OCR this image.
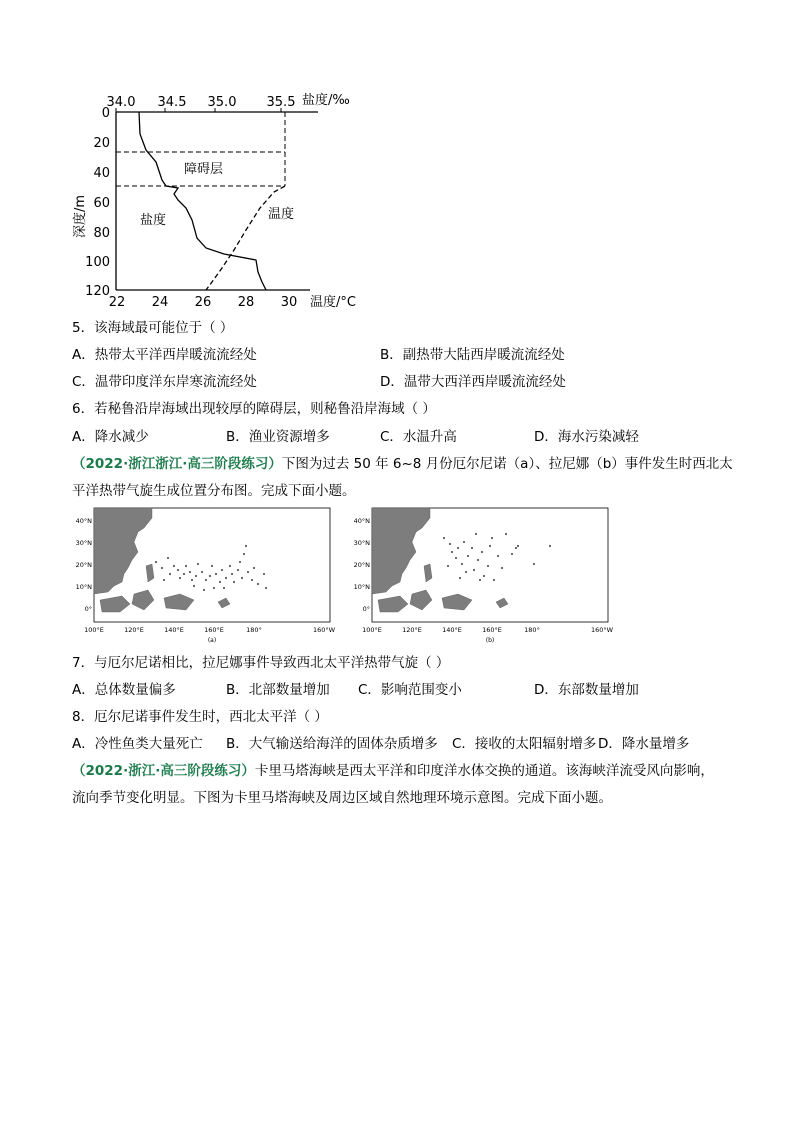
34.0 34.5 35.0 35.5 盐度/‰
0
20
40
60
80
100
120
深度/m
22 24 26 28 30 温度/°C
障碍层
盐度	温度
5．该海域最可能位于（ ）
A．热带太平洋西岸暖流流经处	B．副热带大陆西岸暖流流经处
C．温带印度洋东岸寒流流经处	D．温带大西洋西岸暖流流经处
6．若秘鲁沿岸海域出现较厚的障碍层，则秘鲁沿岸海域（ ）
A．降水减少	B．渔业资源增多	C．水温升高	D．海水污染减轻
（2022·浙江浙江·高三阶段练习）下图为过去 50 年 6~8 月份厄尔尼诺（a）、拉尼娜（b）事件发生时西北太
平洋热带气旋生成位置分布图。完成下面小题。
40°N
30°N
20°N
10°N
0°
100°E	120°E	140°E	160°E	180°	160°W
(a)
40°N
30°N
20°N
10°N
0°
100°E	120°E	140°E	160°E	180°	160°W
(b)
7．与厄尔尼诺相比，拉尼娜事件导致西北太平洋热带气旋（ ）
A．总体数量偏多	B．北部数量增加 C．影响范围变小	D．东部数量增加
8．厄尔尼诺事件发生时，西北太平洋（ ）
A．冷性鱼类大量死亡 B．大气输送给海洋的固体杂质增多 C．接收的太阳辐射增多 D．降水量增多
（2022·浙江·高三阶段练习）卡里马塔海峡是西太平洋和印度洋水体交换的通道。该海峡洋流受风向影响，
流向季节变化明显。下图为卡里马塔海峡及周边区域自然地理环境示意图。完成下面小题。
